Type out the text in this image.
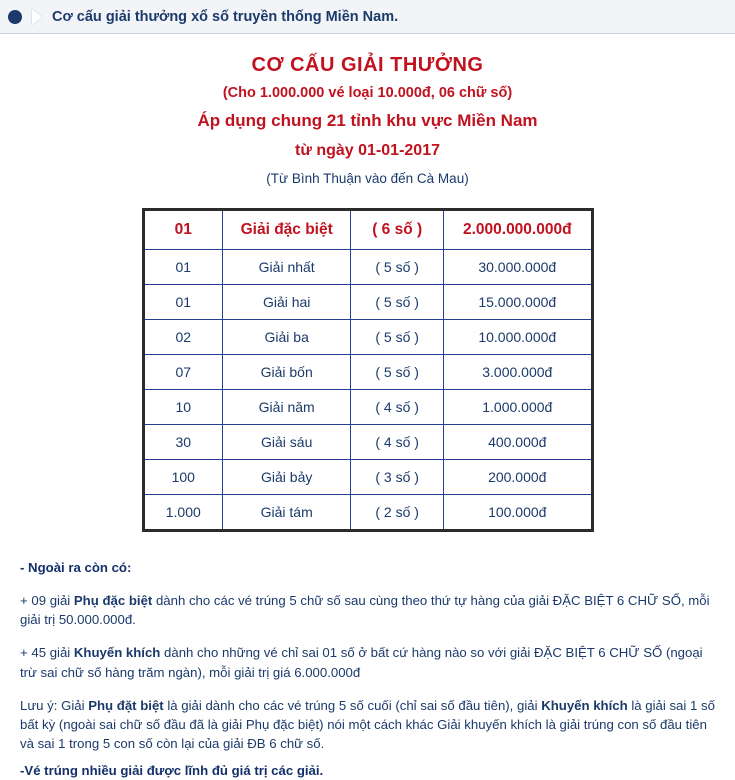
Cơ cấu giải thưởng xổ số truyền thống Miền Nam.
CƠ CẤU GIẢI THƯỞNG
(Cho 1.000.000 vé loại 10.000đ, 06 chữ số)
Áp dụng chung 21 tỉnh khu vực Miền Nam
từ ngày 01-01-2017
(Từ Bình Thuận vào đến Cà Mau)
01	Giải đặc biệt	( 6 số )	2.000.000.000đ
01	Giải nhất	( 5 số )	30.000.000đ
01	Giải hai	( 5 số )	15.000.000đ
02	Giải ba	( 5 số )	10.000.000đ
07	Giải bốn	( 5 số )	3.000.000đ
10	Giải năm	( 4 số )	1.000.000đ
30	Giải sáu	( 4 số )	400.000đ
100	Giải bảy	( 3 số )	200.000đ
1.000	Giải tám	( 2 số )	100.000đ

- Ngoài ra còn có:

+ 09 giải Phụ đặc biệt dành cho các vé trúng 5 chữ số sau cùng theo thứ tự hàng của giải ĐẶC BIỆT 6 CHỮ SỐ, mỗi giải trị 50.000.000đ.

+ 45 giải Khuyến khích dành cho những vé chỉ sai 01 số ở bất cứ hàng nào so với giải ĐẶC BIỆT 6 CHỮ SỐ (ngoại trừ sai chữ số hàng trăm ngàn), mỗi giải trị giá 6.000.000đ

Lưu ý: Giải Phụ đặt biệt là giải dành cho các vé trúng 5 số cuối (chỉ sai số đầu tiên), giải Khuyến khích là giải sai 1 số bất kỳ (ngoài sai chữ số đầu đã là giải Phụ đặc biệt) nói một cách khác Giải khuyến khích là giải trúng con số đầu tiên và sai 1 trong 5 con số còn lại của giải ĐB 6 chữ số.

-Vé trúng nhiều giải được lĩnh đủ giá trị các giải.
